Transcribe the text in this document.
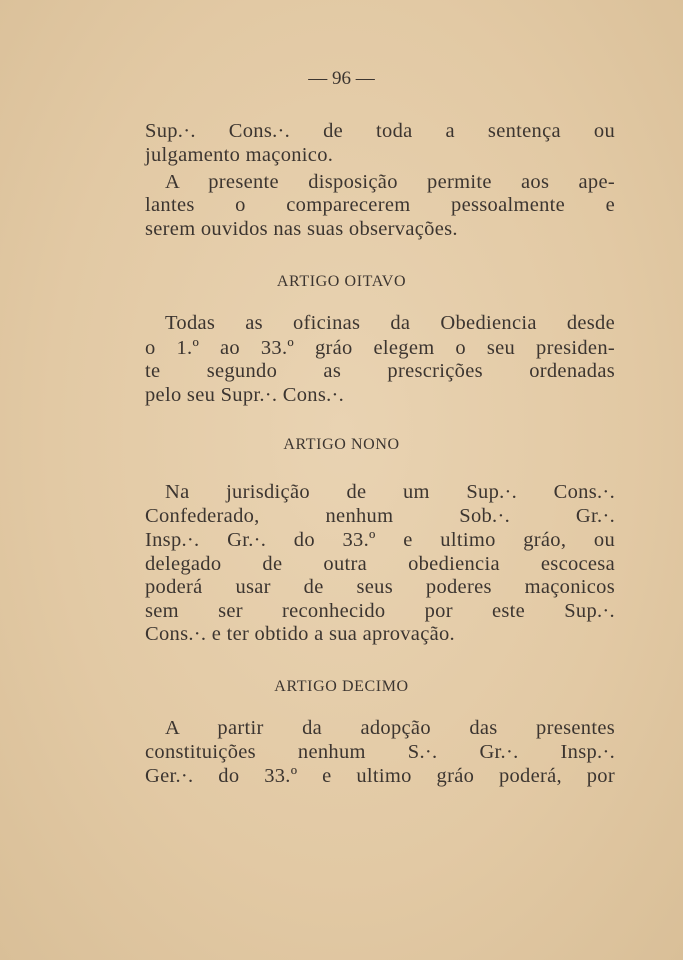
— 96 —
Sup.·. Cons.·. de toda a sentença ou
julgamento maçonico.
A presente disposição permite aos ape-
lantes o comparecerem pessoalmente e
serem ouvidos nas suas observações.
ARTIGO OITAVO
Todas as oficinas da Obediencia desde
o 1.º ao 33.º gráo elegem o seu presiden-
te segundo as prescrições ordenadas
pelo seu Supr.·. Cons.·.
ARTIGO NONO
Na jurisdição de um Sup.·. Cons.·.
Confederado, nenhum Sob.·. Gr.·.
Insp.·. Gr.·. do 33.º e ultimo gráo, ou
delegado de outra obediencia escocesa
poderá usar de seus poderes maçonicos
sem ser reconhecido por este Sup.·.
Cons.·. e ter obtido a sua aprovação.
ARTIGO DECIMO
A partir da adopção das presentes
constituições nenhum S.·. Gr.·. Insp.·.
Ger.·. do 33.º e ultimo gráo poderá, por
